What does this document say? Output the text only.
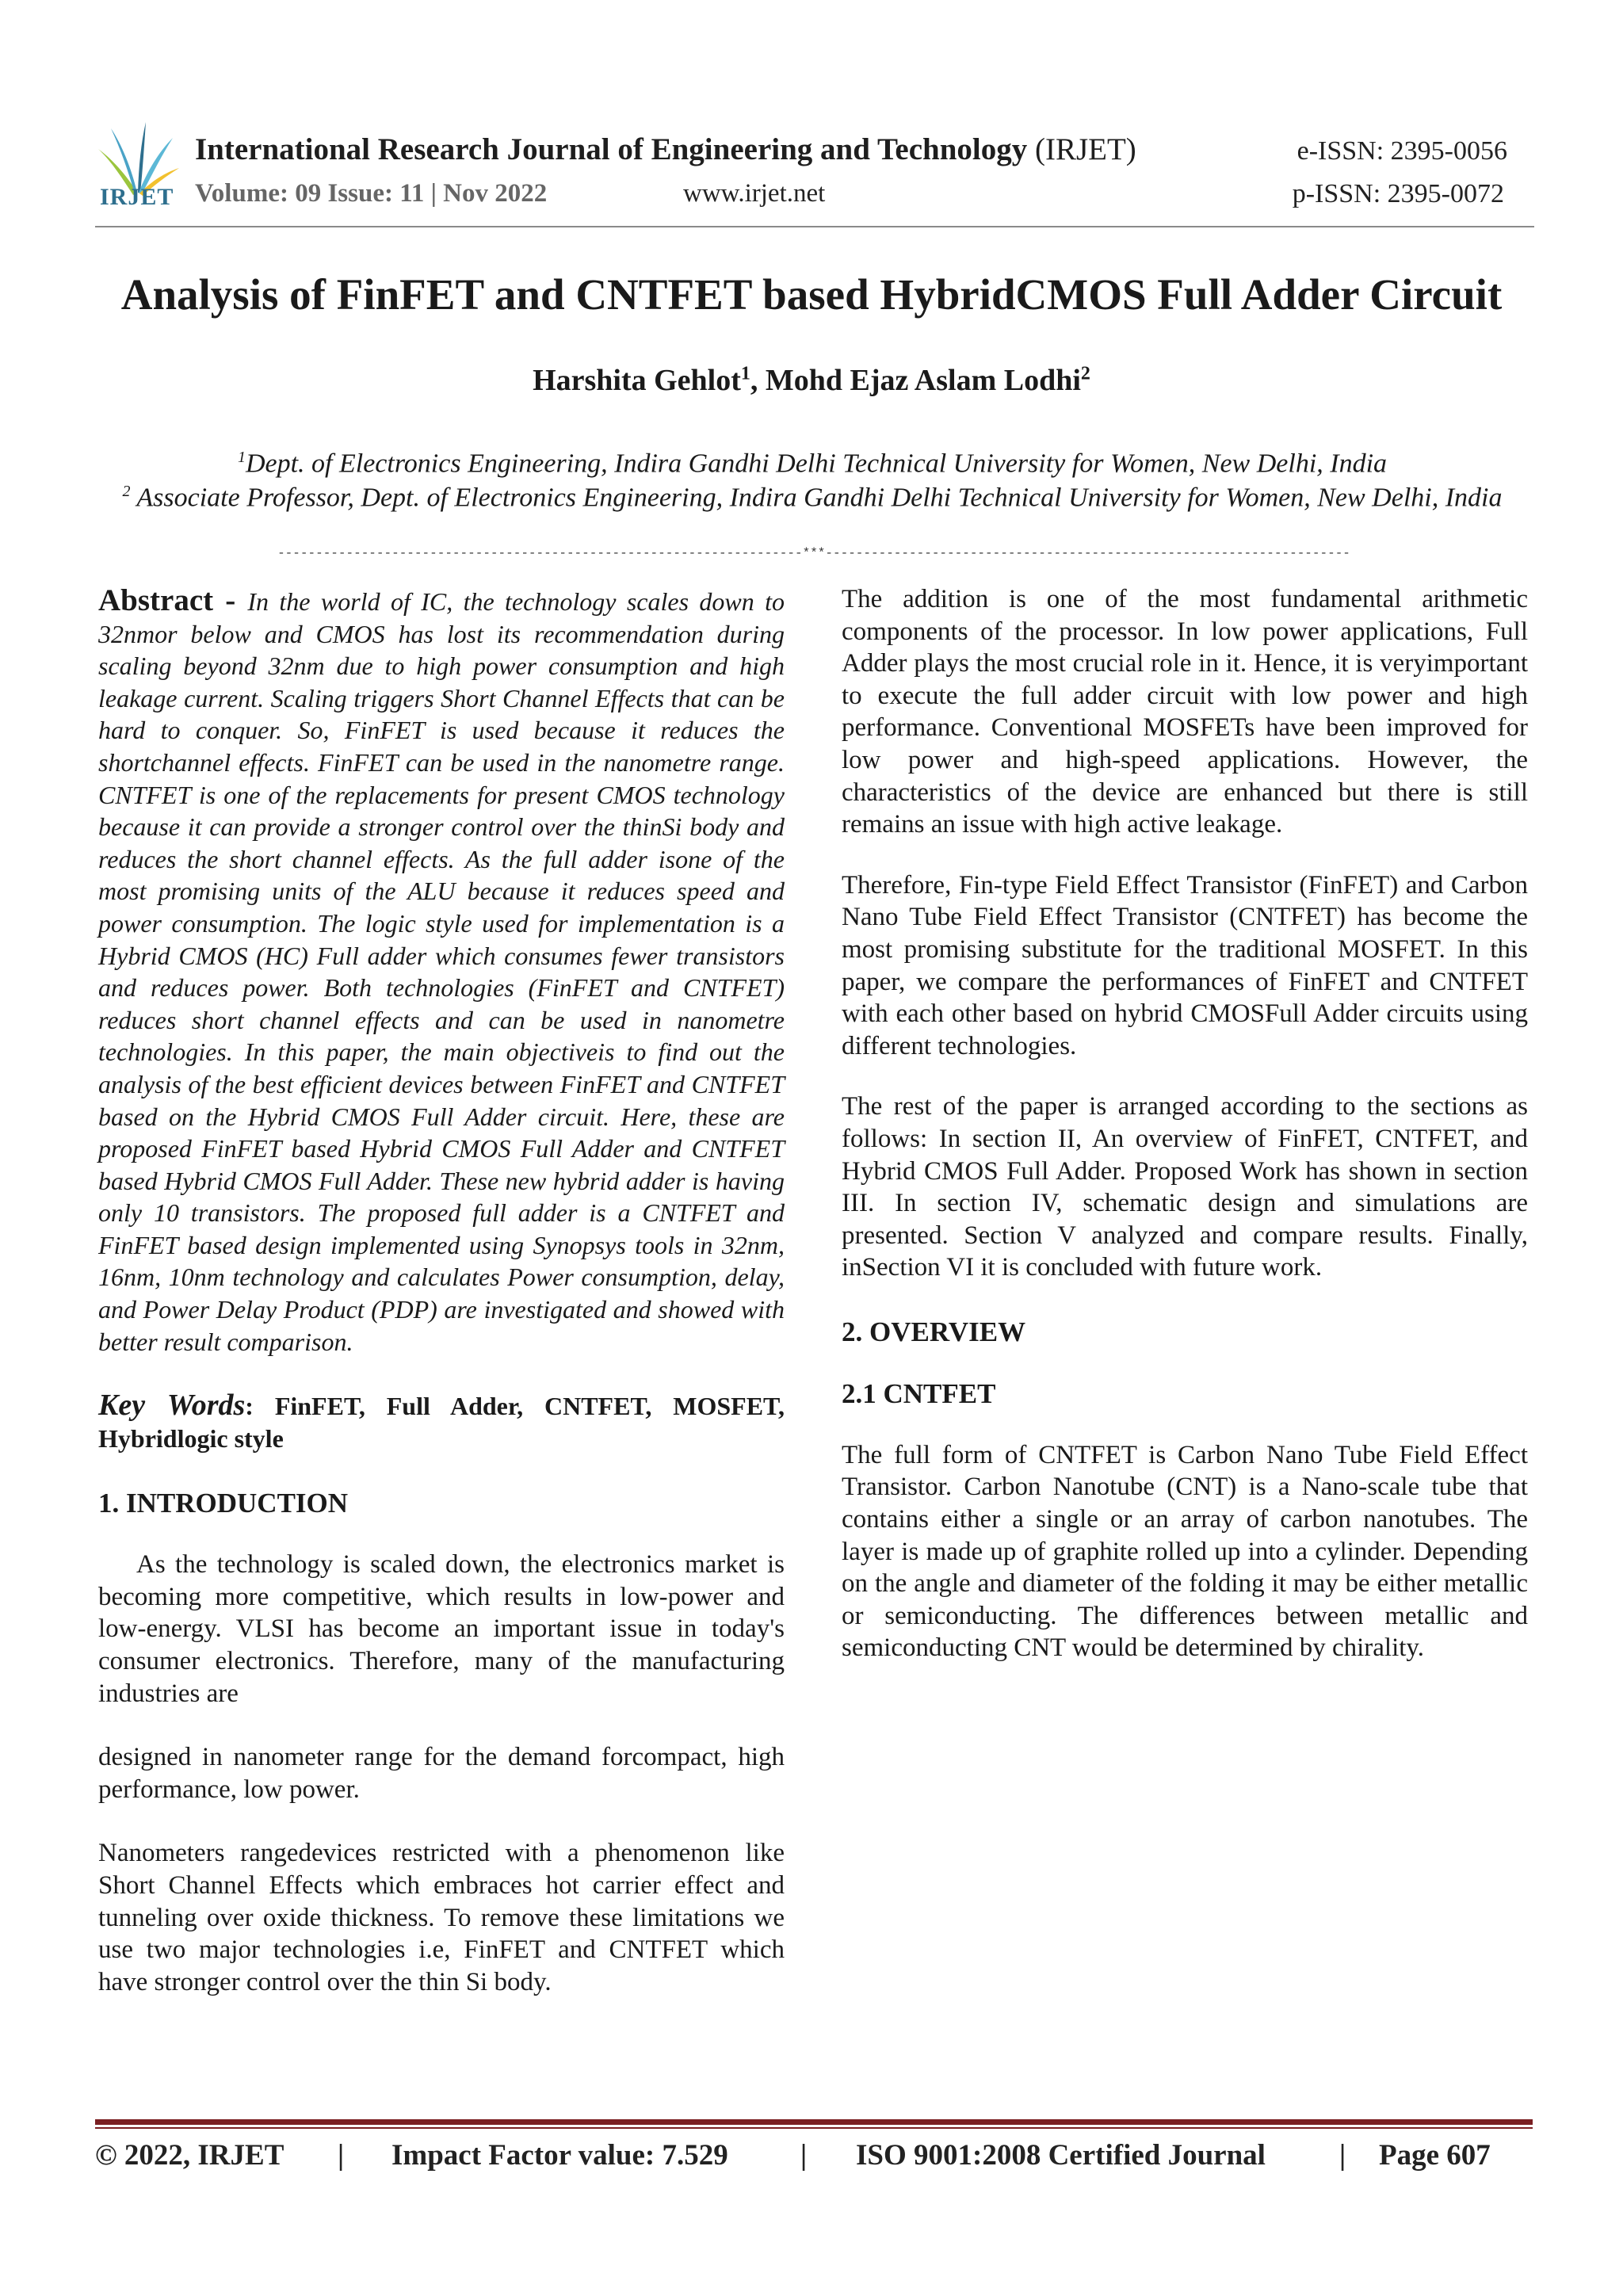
IRJET
International Research Journal of Engineering and Technology (IRJET)	e-ISSN: 2395-0056
Volume: 09 Issue: 11 | Nov 2022	www.irjet.net	p-ISSN: 2395-0072
Analysis of FinFET and CNTFET based HybridCMOS Full Adder Circuit
Harshita Gehlot$^1$, Mohd Ejaz Aslam Lodhi$^2$
$^1$Dept. of Electronics Engineering, Indira Gandhi Delhi Technical University for Women, New Delhi, India
$^2$ Associate Professor, Dept. of Electronics Engineering, Indira Gandhi Delhi Technical University for Women, New Delhi, India
---------------------------------------------------------------------***---------------------------------------------------------------------

Abstract - In the world of IC, the technology scales down to 32nmor below and CMOS has lost its recommendation during scaling beyond 32nm due to high power consumption and high leakage current. Scaling triggers Short Channel Effects that can be hard to conquer. So, FinFET is used because it reduces the shortchannel effects. FinFET can be used in the nanometre range. CNTFET is one of the replacements for present CMOS technology because it can provide a stronger control over the thinSi body and reduces the short channel effects. As the full adder isone of the most promising units of the ALU because it reduces speed and power consumption. The logic style used for implementation is a Hybrid CMOS (HC) Full adder which consumes fewer transistors and reduces power. Both technologies (FinFET and CNTFET) reduces short channel effects and can be used in nanometre technologies. In this paper, the main objectiveis to find out the analysis of the best efficient devices between FinFET and CNTFET based on the Hybrid CMOS Full Adder circuit. Here, these are proposed FinFET based Hybrid CMOS Full Adder and CNTFET based Hybrid CMOS Full Adder. These new hybrid adder is having only 10 transistors. The proposed full adder is a CNTFET and FinFET based design implemented using Synopsys tools in 32nm, 16nm, 10nm technology and calculates Power consumption, delay, and Power Delay Product (PDP) are investigated and showed with better result comparison.

Key Words: FinFET, Full Adder, CNTFET, MOSFET, Hybridlogic style

1. INTRODUCTION

As the technology is scaled down, the electronics market is becoming more competitive, which results in low-power and low-energy. VLSI has become an important issue in today's consumer electronics. Therefore, many of the manufacturing industries are

designed in nanometer range for the demand forcompact, high performance, low power.

Nanometers rangedevices restricted with a phenomenon like Short Channel Effects which embraces hot carrier effect and tunneling over oxide thickness. To remove these limitations we use two major technologies i.e, FinFET and CNTFET which have stronger control over the thin Si body.

The addition is one of the most fundamental arithmetic components of the processor. In low power applications, Full Adder plays the most crucial role in it. Hence, it is veryimportant to execute the full adder circuit with low power and high performance. Conventional MOSFETs have been improved for low power and high-speed applications. However, the characteristics of the device are enhanced but there is still remains an issue with high active leakage.

Therefore, Fin-type Field Effect Transistor (FinFET) and Carbon Nano Tube Field Effect Transistor (CNTFET) has become the most promising substitute for the traditional MOSFET. In this paper, we compare the performances of FinFET and CNTFET with each other based on hybrid CMOSFull Adder circuits using different technologies.

The rest of the paper is arranged according to the sections as follows: In section II, An overview of FinFET, CNTFET, and Hybrid CMOS Full Adder. Proposed Work has shown in section III. In section IV, schematic design and simulations are presented. Section V analyzed and compare results. Finally, inSection VI it is concluded with future work.

2. OVERVIEW
2.1 CNTFET

The full form of CNTFET is Carbon Nano Tube Field Effect Transistor. Carbon Nanotube (CNT) is a Nano-scale tube that contains either a single or an array of carbon nanotubes. The layer is made up of graphite rolled up into a cylinder. Depending on the angle and diameter of the folding it may be either metallic or semiconducting. The differences between metallic and semiconducting CNT would be determined by chirality.

© 2022, IRJET | Impact Factor value: 7.529 | ISO 9001:2008 Certified Journal	| Page 607
